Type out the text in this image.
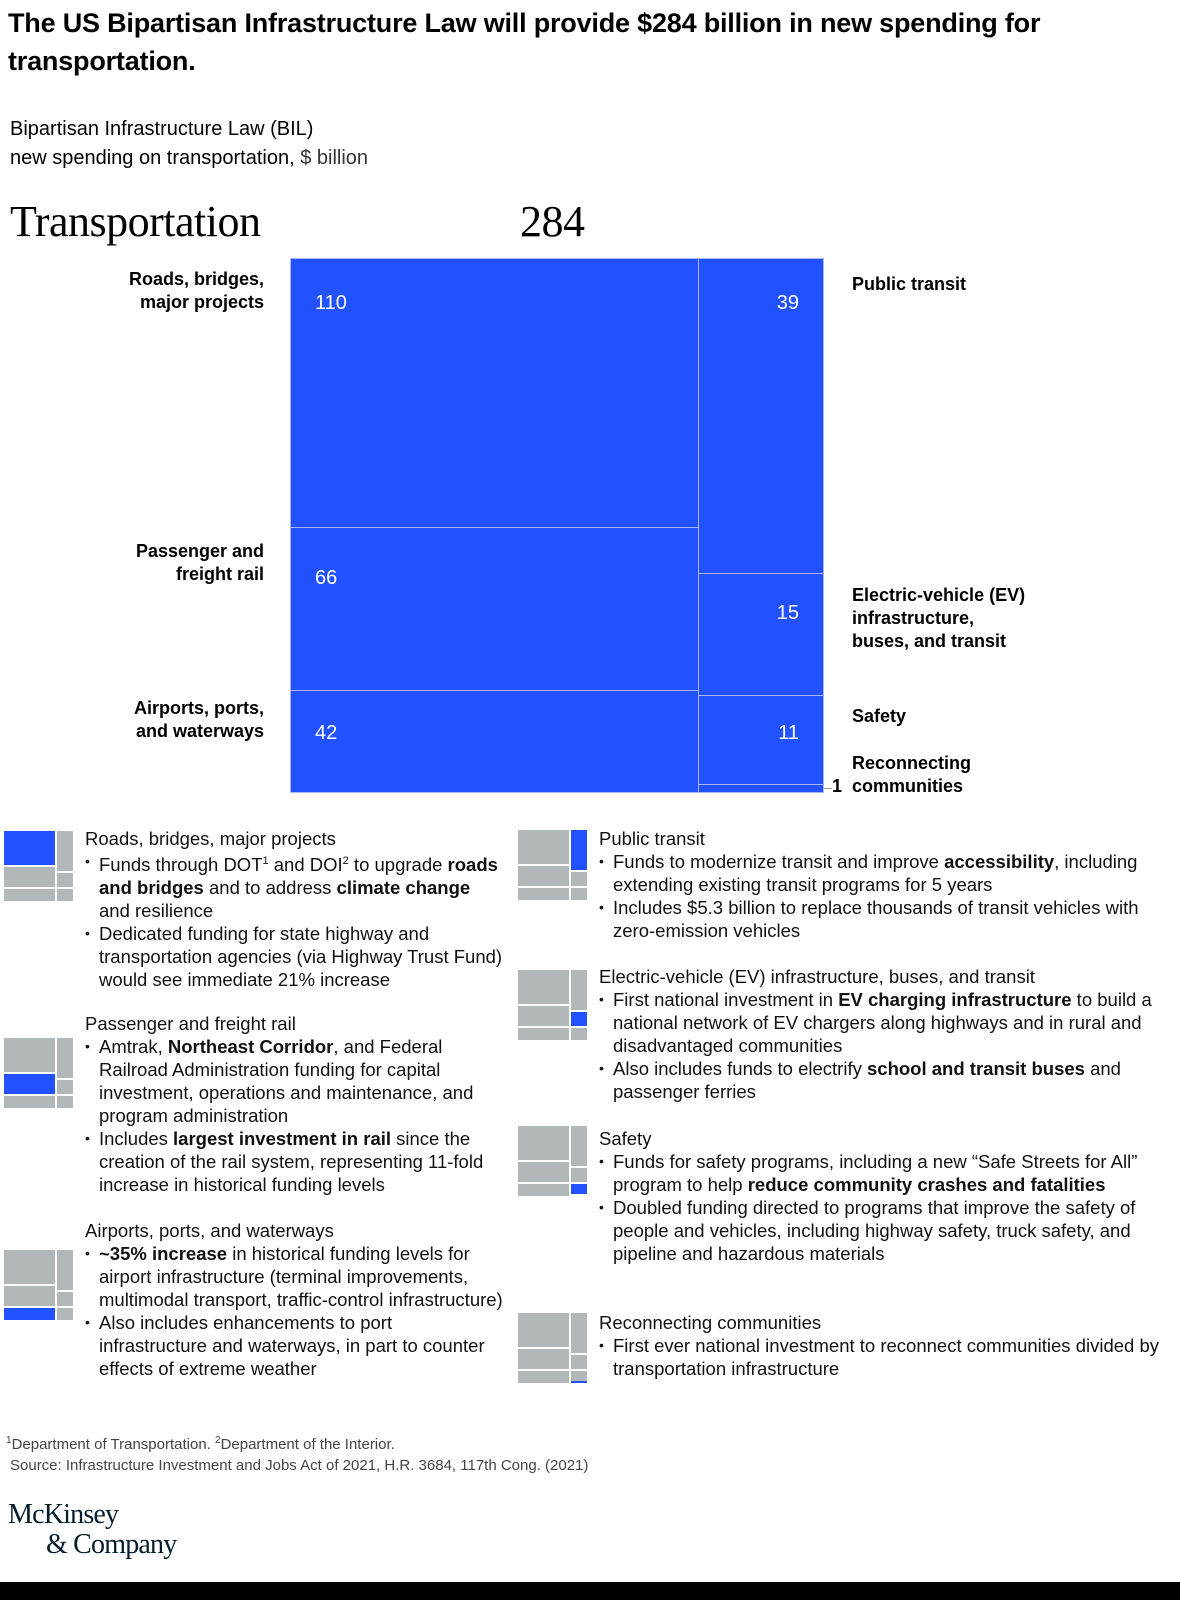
The US Bipartisan Infrastructure Law will provide $284 billion in new spending for transportation.
Bipartisan Infrastructure Law (BIL)
new spending on transportation, $ billion
Transportation	284
110
66
42
39
15
11
Roads, bridges,
major projects
Passenger and
freight rail
Airports, ports,
and waterways
Public transit
Electric-vehicle (EV)
infrastructure,
buses, and transit
Safety
Reconnecting
communities
1
Roads, bridges, major projects
• Funds through DOT$^1$ and DOI$^2$ to upgrade roads and bridges and to address climate change and resilience
• Dedicated funding for state highway and transportation agencies (via Highway Trust Fund) would see immediate 21% increase
Passenger and freight rail
• Amtrak, Northeast Corridor, and Federal Railroad Administration funding for capital investment, operations and maintenance, and program administration
• Includes largest investment in rail since the creation of the rail system, representing 11-fold increase in historical funding levels
Airports, ports, and waterways
• ~35% increase in historical funding levels for airport infrastructure (terminal improvements, multimodal transport, traffic-control infrastructure)
• Also includes enhancements to port infrastructure and waterways, in part to counter effects of extreme weather
Public transit
• Funds to modernize transit and improve accessibility, including extending existing transit programs for 5 years
• Includes $5.3 billion to replace thousands of transit vehicles with zero-emission vehicles
Electric-vehicle (EV) infrastructure, buses, and transit
• First national investment in EV charging infrastructure to build a national network of EV chargers along highways and in rural and disadvantaged communities
• Also includes funds to electrify school and transit buses and passenger ferries
Safety
• Funds for safety programs, including a new “Safe Streets for All” program to help reduce community crashes and fatalities
• Doubled funding directed to programs that improve the safety of people and vehicles, including highway safety, truck safety, and pipeline and hazardous materials
Reconnecting communities
• First ever national investment to reconnect communities divided by transportation infrastructure
$^1$Department of Transportation. $^2$Department of the Interior.
Source: Infrastructure Investment and Jobs Act of 2021, H.R. 3684, 117th Cong. (2021)
McKinsey
& Company
